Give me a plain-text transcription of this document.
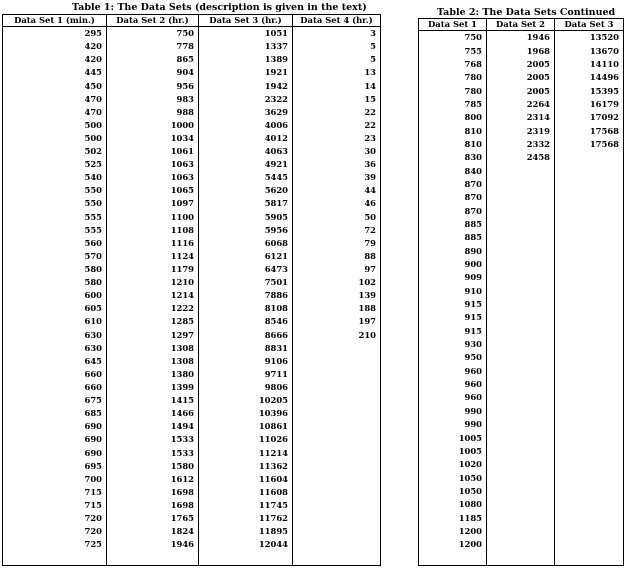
Table 1: The Data Sets (description is given in the text)
Data Set 1 (min.)	Data Set 2 (hr.)	Data Set 3 (hr.)	Data Set 4 (hr.)
295	750	1051	3
420	778	1337	5
420	865	1389	5
445	904	1921	13
450	956	1942	14
470	983	2322	15
470	988	3629	22
500	1000	4006	22
500	1034	4012	23
502	1061	4063	30
525	1063	4921	36
540	1063	5445	39
550	1065	5620	44
550	1097	5817	46
555	1100	5905	50
555	1108	5956	72
560	1116	6068	79
570	1124	6121	88
580	1179	6473	97
580	1210	7501	102
600	1214	7886	139
605	1222	8108	188
610	1285	8546	197
630	1297	8666	210
630	1308	8831	
645	1308	9106	
660	1380	9711	
660	1399	9806	
675	1415	10205	
685	1466	10396	
690	1494	10861	
690	1533	11026	
690	1533	11214	
695	1580	11362	
700	1612	11604	
715	1698	11608	
715	1698	11745	
720	1765	11762	
720	1824	11895	
725	1946	12044	

Table 2: The Data Sets Continued
Data Set 1	Data Set 2	Data Set 3
750	1946	13520
755	1968	13670
768	2005	14110
780	2005	14496
780	2005	15395
785	2264	16179
800	2314	17092
810	2319	17568
810	2332	17568
830	2458	
840		
870		
870		
870		
885		
885		
890		
900		
909		
910		
915		
915		
915		
930		
950		
960		
960		
960		
990		
990		
1005		
1005		
1020		
1050		
1050		
1080		
1185		
1200		
1200		
